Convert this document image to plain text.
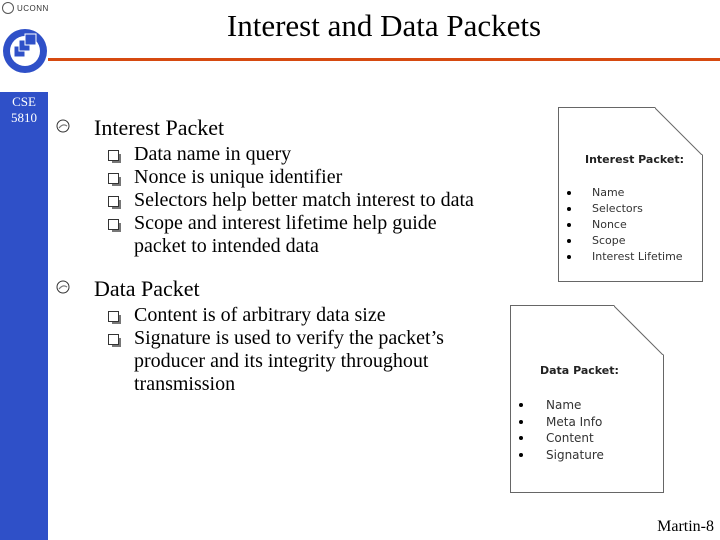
UCONN
CSE 5810
Interest and Data Packets
Interest Packet
Data name in query
Nonce is unique identifier
Selectors help better match interest to data
Scope and interest lifetime help guide packet to intended data
Data Packet
Content is of arbitrary data size
Signature is used to verify the packet’s producer and its integrity throughout transmission
Interest Packet:
Name
Selectors
Nonce
Scope
Interest Lifetime
Data Packet:
Name
Meta Info
Content
Signature
Martin-8
